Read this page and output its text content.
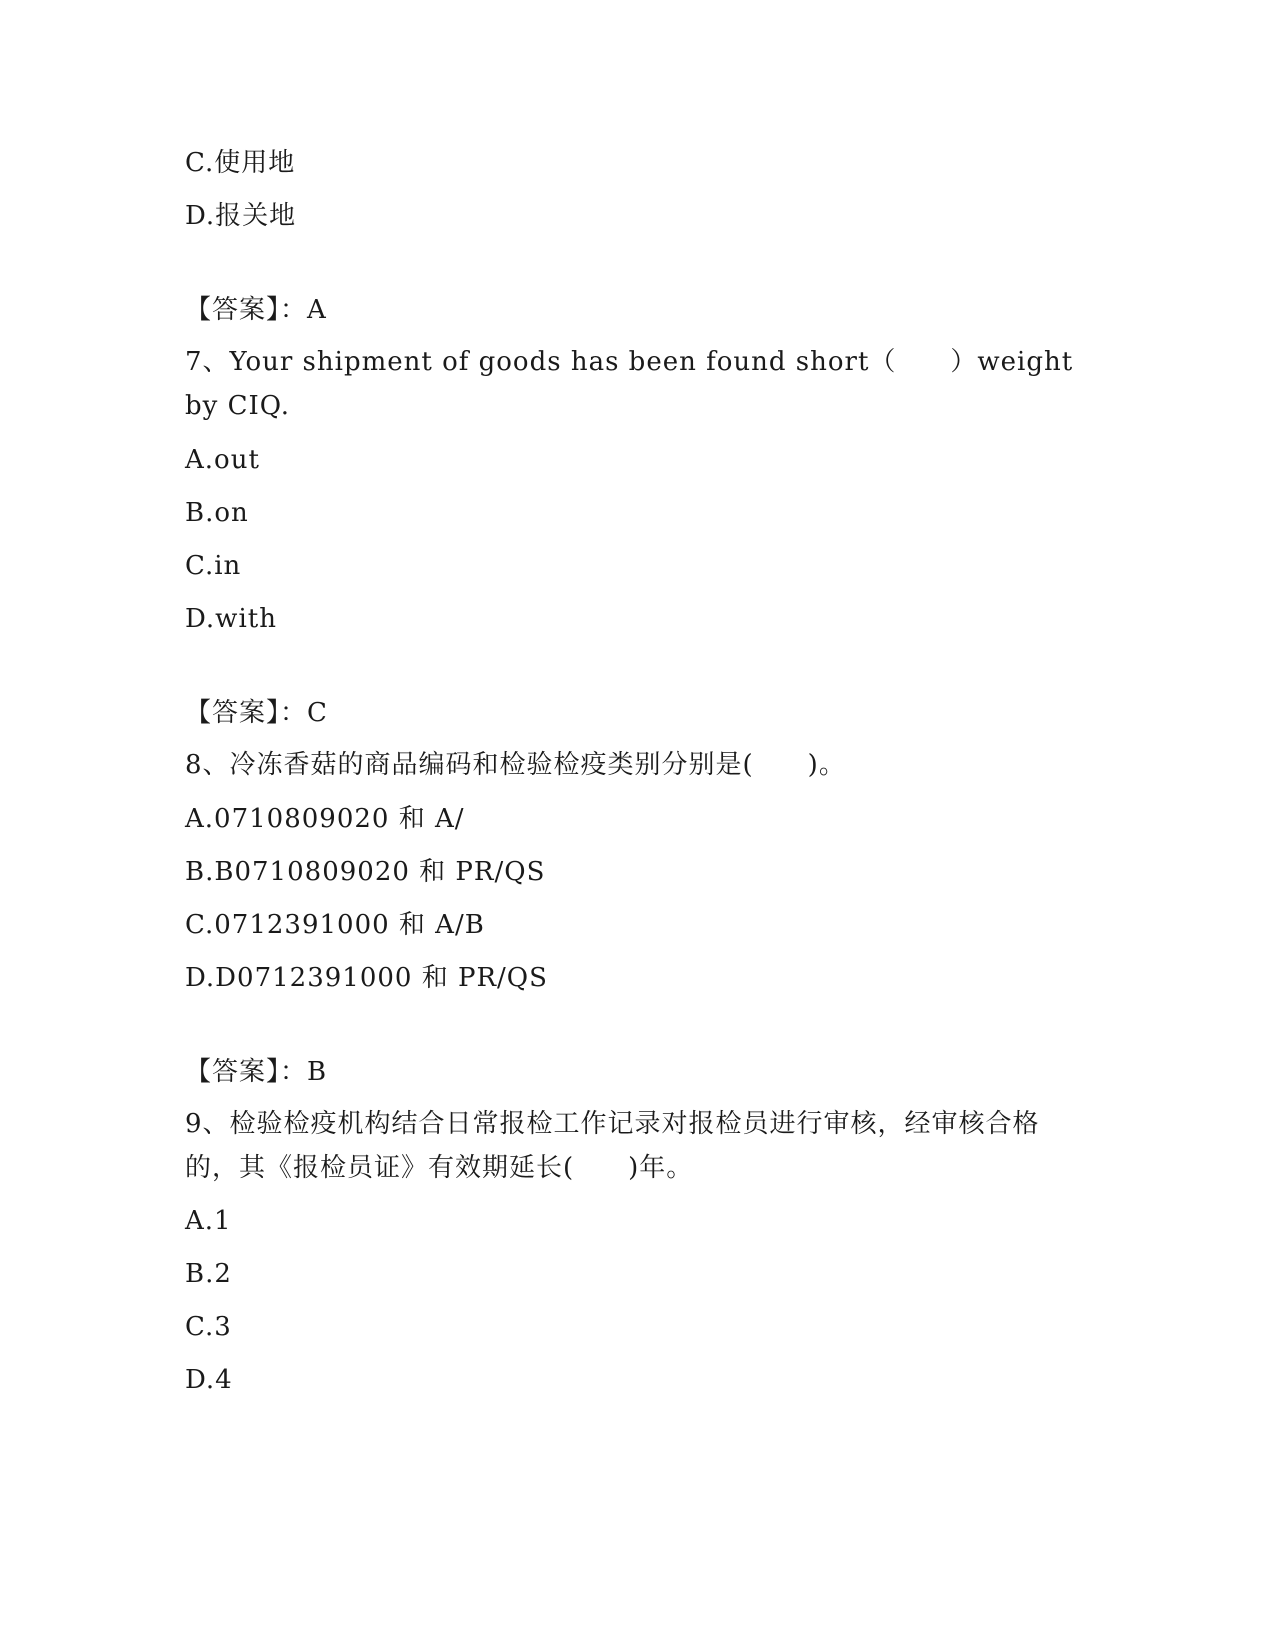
C.使用地
D.报关地
【答案】：A
7、Your shipment of goods has been found short（　　）weight by CIQ.
A.out
B.on
C.in
D.with
【答案】：C
8、冷冻香菇的商品编码和检验检疫类别分别是(　　)。
A.0710809020 和 A/
B.B0710809020 和 PR/QS
C.0712391000 和 A/B
D.D0712391000 和 PR/QS
【答案】：B
9、检验检疫机构结合日常报检工作记录对报检员进行审核，经审核合格的，其《报检员证》有效期延长(　　)年。
A.1
B.2
C.3
D.4
